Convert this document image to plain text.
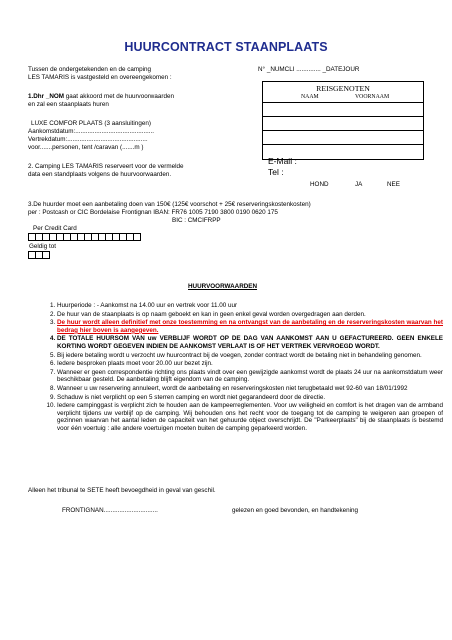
HUURCONTRACT STAANPLAATS
Tussen de ondergetekenden en de camping
LES TAMARIS is vastgesteld en overeengekomen :
N° _NUMCLI .............. _DATEJOUR
1.Dhr _NOM gaat akkoord met de huurvoorwaarden
en zal een staanplaats huren
LUXE COMFOR PLAATS (3 aansluitingen)
Aankomstdatum:.............................................
Vertrekdatum:..............................................
voor.......personen, tent /caravan (.......m )
2. Camping LES TAMARIS reserveert voor de vermelde
data een standplaats volgens de huurvoorwaarden.
REISGENOTEN
NAAM	VOORNAAM
E-Mail :
Tel :
HOND	JA	NEE
3.De huurder moet een aanbetaling doen van 150€ (125€ voorschot + 25€ reserveringskostenkosten)
per : Postcash or CIC Bordelaise Frontignan IBAN: FR76 1005 7190 3800 0190 0620 175
BIC : CMCIFRPP
Per Credit Card
Geldig tot
HUURVOORWAARDEN
1. Huurperiode : - Aankomst na 14.00 uur en vertrek voor 11.00 uur
2. De huur van de staanplaats is op naam geboekt en kan in geen enkel geval worden overgedragen aan derden.
3. De huur wordt alleen definitief met onze toestemming en na ontvangst van de aanbetaling en de reserveringskosten waarvan het bedrag hier boven is aangegeven.
4. DE TOTALE HUURSOM VAN uw VERBLIJF WORDT OP DE DAG VAN AANKOMST AAN U GEFACTUREERD. GEEN ENKELE KORTING WORDT GEGEVEN INDIEN DE AANKOMST VERLAAT IS OF HET VERTREK VERVROEGD WORDT.
5. Bij iedere betaling wordt u verzocht uw huurcontract bij de voegen, zonder contract wordt de betaling niet in behandeling genomen.
6. Iedere besproken plaats moet voor 20.00 uur bezet zijn.
7. Wanneer er geen correspondentie richting ons plaats vindt over een gewijzigde aankomst wordt de plaats 24 uur na aankomstdatum weer beschikbaar gesteld. De aanbetaling blijft eigendom van de camping.
8. Wanneer u uw reservering annuleert, wordt de aanbetaling en reserveringskosten niet terugbetaald wet 92-60 van 18/01/1992
9. Schaduw is niet verplicht op een 5 sterren camping en wordt niet gegarandeerd door de directie.
10. Iedere campinggast is verplicht zich te houden aan de kampeerreglementen. Voor uw veiligheid en comfort is het dragen van de armband verplicht tijdens uw verblijf op de camping. Wij behouden ons het recht voor de toegang tot de camping te weigeren aan groepen of gezinnen waarvan het aantal leden de capaciteit van het gehuurde object overschrijdt. De "Parkeerplaats" bij de staanplaats is bestemd voor één voertuig : alle andere voertuigen moeten buiten de camping geparkeerd worden.
Alleen het tribunal te SETE heeft bevoegdheid in geval van geschil.
FRONTIGNAN...............................	gelezen en goed bevonden, en handtekening
